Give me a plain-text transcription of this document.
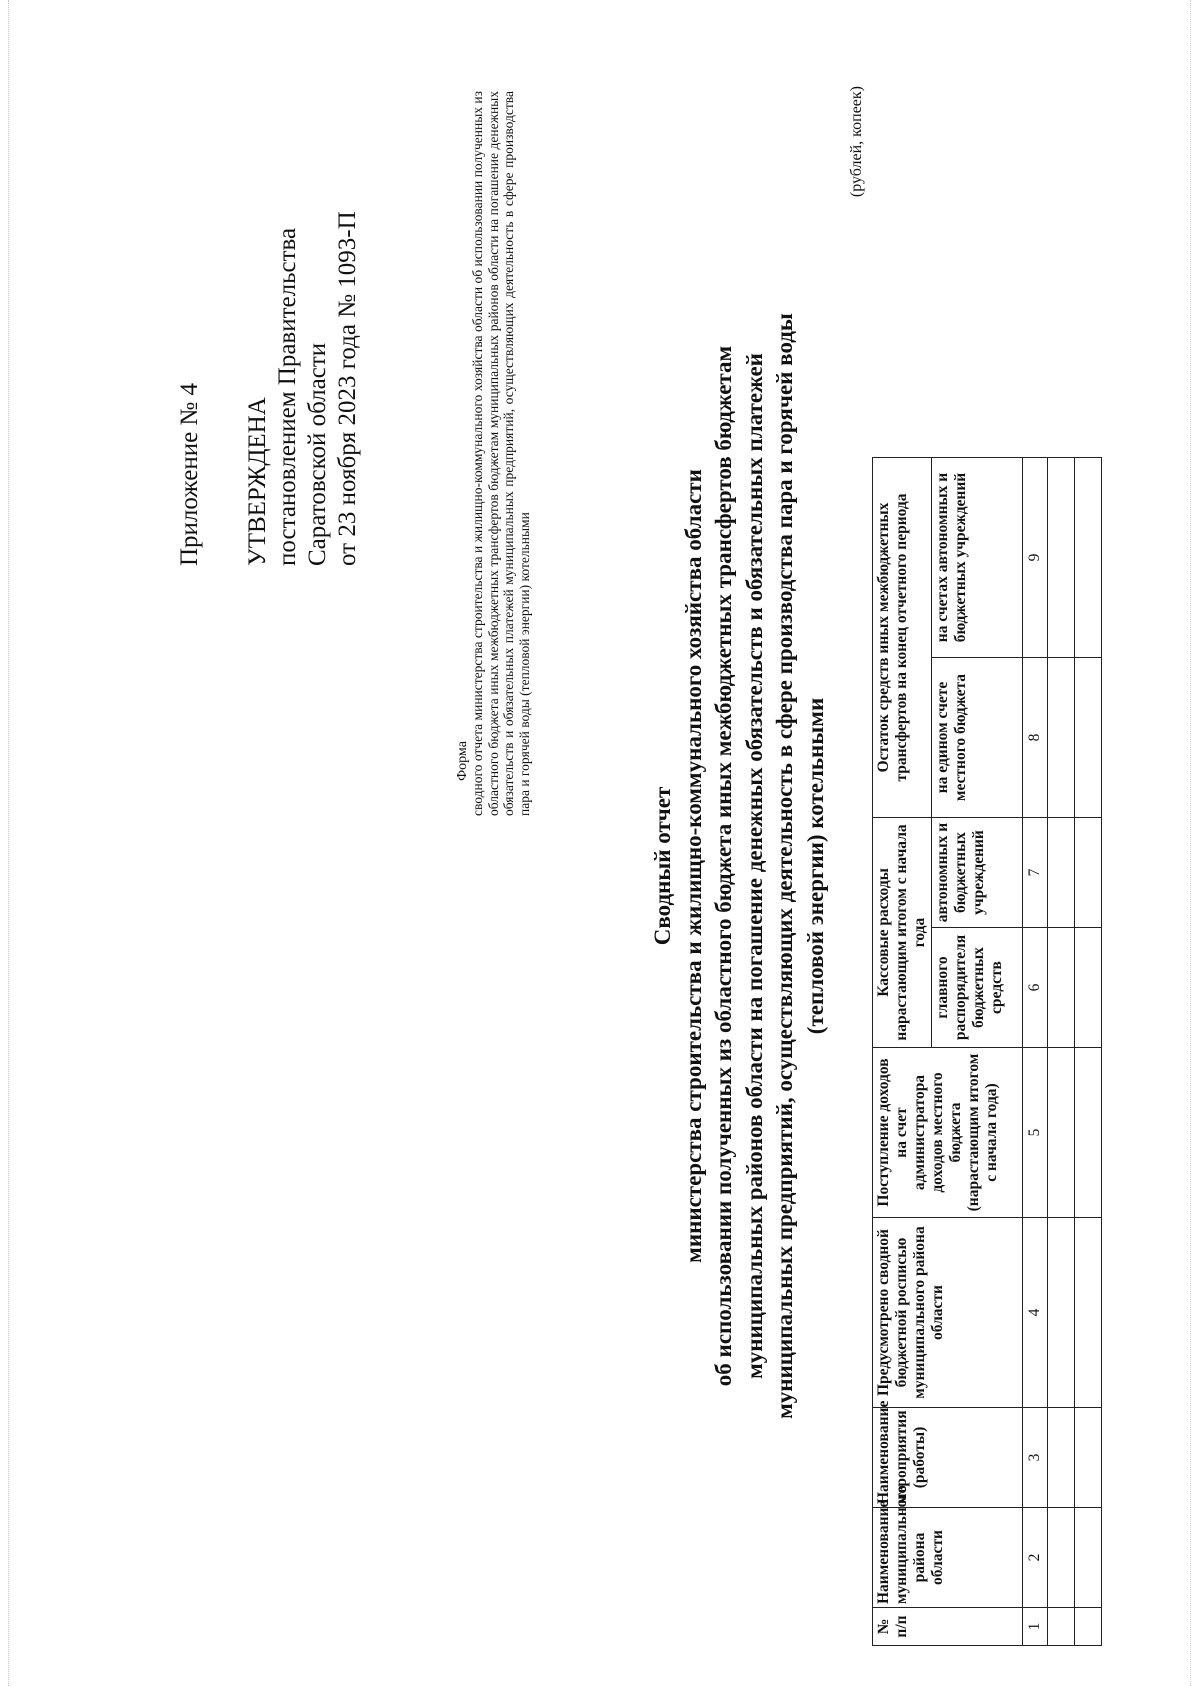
Приложение № 4 УТВЕРЖДЕНА постановлением Правительства Саратовской области от 23 ноября 2023 года № 1093-П
Форма сводного отчета министерства строительства и жилищно-коммунального хозяйства области об использовании полученных из областного бюджета иных межбюджетных трансфертов бюджетам муниципальных районов области на погашение денежных обязательств и обязательных платежей муниципальных предприятий, осуществляющих деятельность в сфере производства пара и горячей воды (тепловой энергии) котельными
Сводный отчет министерства строительства и жилищно-коммунального хозяйства области об использовании полученных из областного бюджета иных межбюджетных трансфертов бюджетам муниципальных районов области на погашение денежных обязательств и обязательных платежей муниципальных предприятий, осуществляющих деятельность в сфере производства пара и горячей воды (тепловой энергии) котельными
(рублей, копеек)
№ п/п	Наименование муниципального района области	Наименование мероприятия (работы)	Предусмотрено сводной бюджетной росписью муниципального района области	Поступление доходов на счет администратора доходов местного бюджета (нарастающим итогом с начала года)	Кассовые расходы нарастающим итогом с начала года		Остаток средств иных межбюджетных трансфертов на конец отчетного периода		
					главного распорядителя бюджетных средств	автономных и бюджетных учреждений	на едином счете местного бюджета	на счетах автономных и бюджетных учреждений	
1	2	3	4	5	6	7	8	9	
